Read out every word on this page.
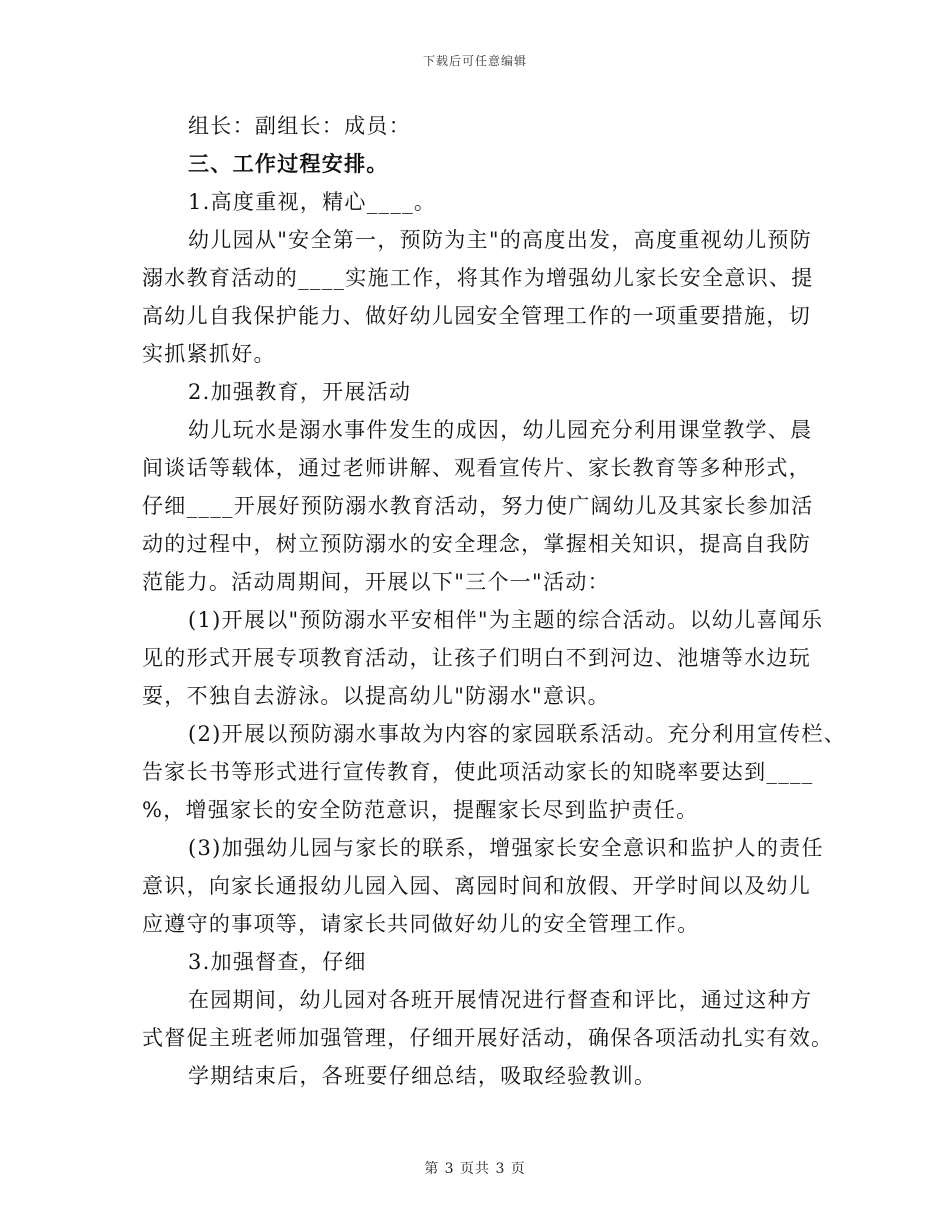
下载后可任意编辑
组长：副组长：成员：
三、工作过程安排。
1.高度重视，精心____。
幼儿园从"安全第一，预防为主"的高度出发，高度重视幼儿预防
溺水教育活动的____实施工作，将其作为增强幼儿家长安全意识、提
高幼儿自我保护能力、做好幼儿园安全管理工作的一项重要措施，切
实抓紧抓好。
2.加强教育，开展活动
幼儿玩水是溺水事件发生的成因，幼儿园充分利用课堂教学、晨
间谈话等载体，通过老师讲解、观看宣传片、家长教育等多种形式，
仔细____开展好预防溺水教育活动，努力使广阔幼儿及其家长参加活
动的过程中，树立预防溺水的安全理念，掌握相关知识，提高自我防
范能力。活动周期间，开展以下"三个一"活动：
(1)开展以"预防溺水平安相伴"为主题的综合活动。以幼儿喜闻乐
见的形式开展专项教育活动，让孩子们明白不到河边、池塘等水边玩
耍，不独自去游泳。以提高幼儿"防溺水"意识。
(2)开展以预防溺水事故为内容的家园联系活动。充分利用宣传栏、
告家长书等形式进行宣传教育，使此项活动家长的知晓率要达到____
%，增强家长的安全防范意识，提醒家长尽到监护责任。
(3)加强幼儿园与家长的联系，增强家长安全意识和监护人的责任
意识，向家长通报幼儿园入园、离园时间和放假、开学时间以及幼儿
应遵守的事项等，请家长共同做好幼儿的安全管理工作。
3.加强督查，仔细
在园期间，幼儿园对各班开展情况进行督查和评比，通过这种方
式督促主班老师加强管理，仔细开展好活动，确保各项活动扎实有效。
学期结束后，各班要仔细总结，吸取经验教训。
第 3 页共 3 页
